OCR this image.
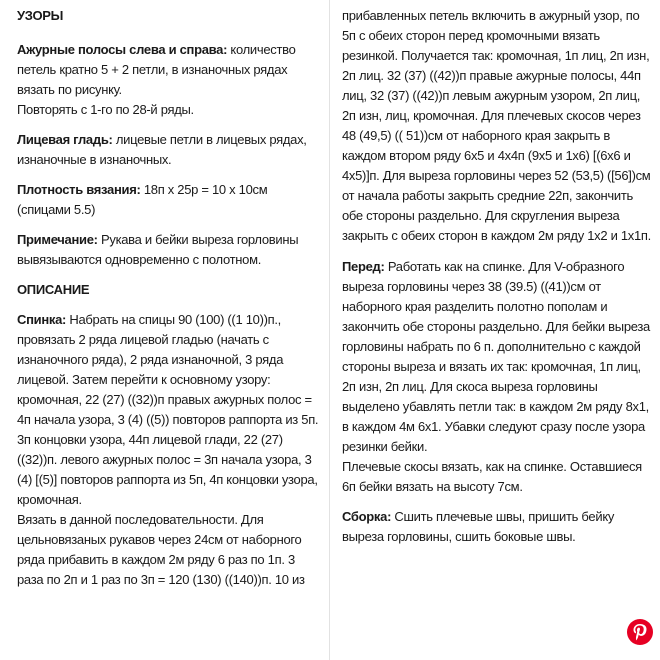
УЗОРЫ
Ажурные полосы слева и справа: количество петель кратно 5 + 2 петли, в изнаночных рядах вязать по рисунку.
Повторять с 1-го по 28-й ряды.
Лицевая гладь: лицевые петли в лицевых рядах, изнаночные в изнаночных.
Плотность вязания: 18п x 25р = 10 x 10см (спицами 5.5)
Примечание: Рукава и бейки выреза горловины вывязываются одновременно с полотном.
ОПИСАНИЕ
Спинка: Набрать на спицы 90 (100) ((1 10))п., провязать 2 ряда лицевой гладью (начать с изнаночного ряда), 2 ряда изнаночной, 3 ряда лицевой. Затем перейти к основному узору: кромочная, 22 (27) ((32))п правых ажурных полос = 4п начала узора, 3 (4) ((5)) повторов раппорта из 5п. 3п концовки узора, 44п лицевой глади, 22 (27) ((32))п. левого ажурных полос = 3п начала узора, 3 (4) [(5)] повторов раппорта из 5п, 4п концовки узора, кромочная.
Вязать в данной последовательности. Для цельновязаных рукавов через 24см от наборного ряда прибавить в каждом 2м ряду 6 раз по 1п. 3 раза по 2п и 1 раз по 3п = 120 (130) ((140))п. 10 из
прибавленных петель включить в ажурный узор, по 5п с обеих сторон перед кромочными вязать резинкой. Получается так: кромочная, 1п лиц, 2п изн, 2п лиц. 32 (37) ((42))п правые ажурные полосы, 44п лиц, 32 (37) ((42))п левым ажурным узором, 2п лиц, 2п изн, лиц, кромочная. Для плечевых скосов через 48 (49,5) (( 51))см от наборного края закрыть в каждом втором ряду 6х5 и 4х4п (9х5 и 1х6) [(6х6 и 4х5)]п. Для выреза горловины через 52 (53,5) ([56])см от начала работы закрыть средние 22п, закончить обе стороны раздельно. Для скругления выреза закрыть с обеих сторон в каждом 2м ряду 1х2 и 1х1п.
Перед: Работать как на спинке. Для V-образного выреза горловины через 38 (39.5) ((41))см от наборного края разделить полотно пополам и закончить обе стороны раздельно. Для бейки выреза горловины набрать по 6 п. дополнительно с каждой стороны выреза и вязать их так: кромочная, 1п лиц, 2п изн, 2п лиц. Для скоса выреза горловины выделено убавлять петли так: в каждом 2м ряду 8х1, в каждом 4м 6х1. Убавки следуют сразу после узора резинки бейки.
Плечевые скосы вязать, как на спинке. Оставшиеся 6п бейки вязать на высоту 7см.
Сборка: Сшить плечевые швы, пришить бейку выреза горловины, сшить боковые швы.
